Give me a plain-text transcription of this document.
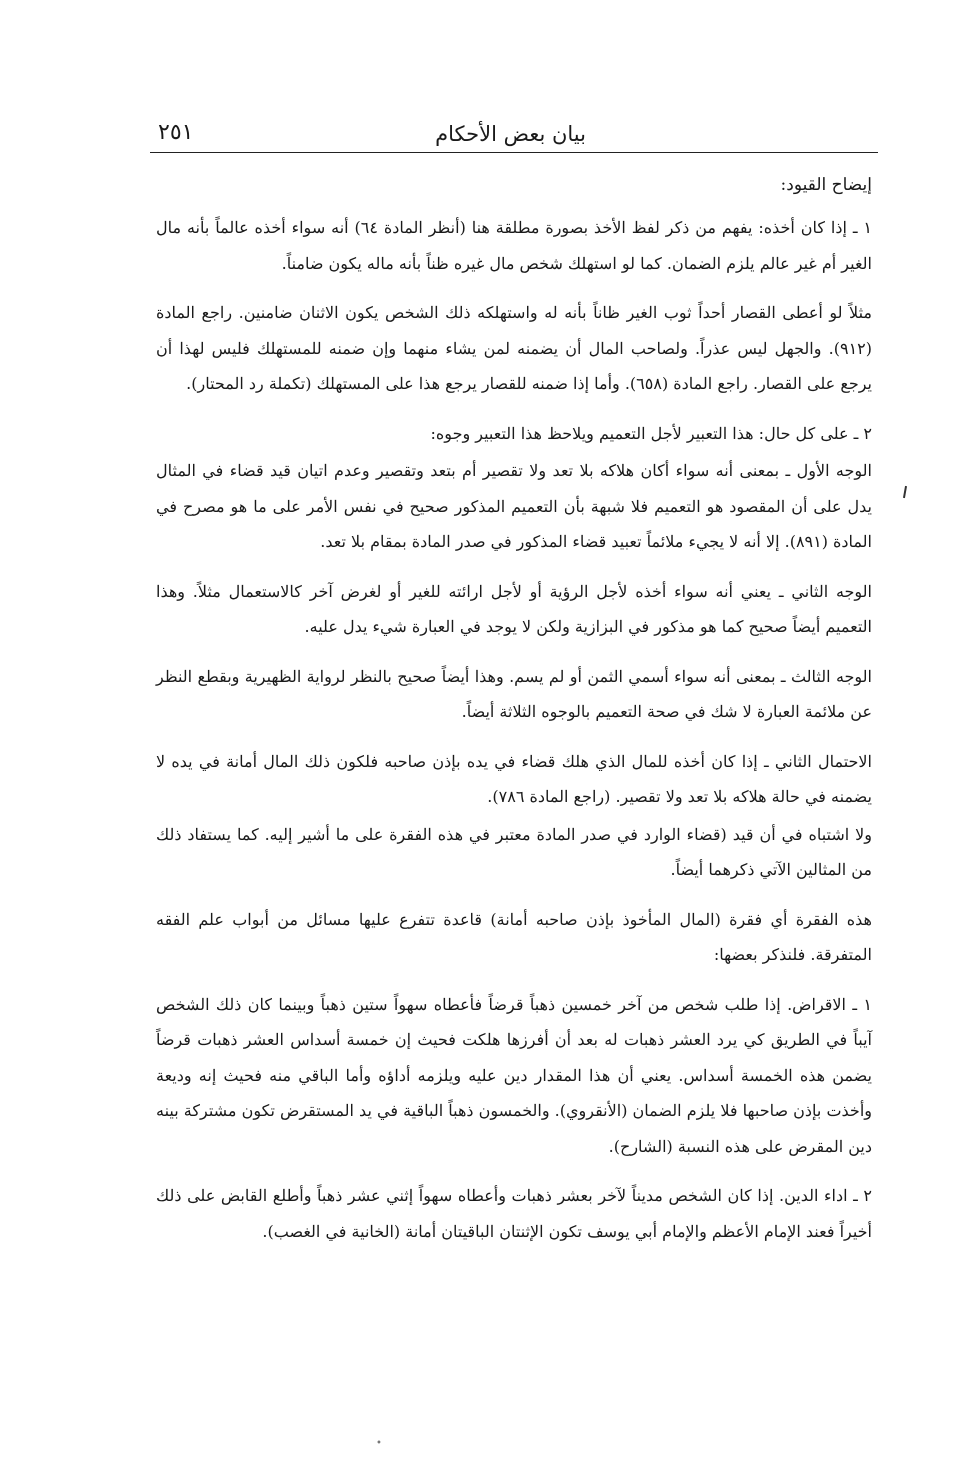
بيان بعض الأحكام
٢٥١
إيضاح القيود:

١ ـ إذا كان أخذه: يفهم من ذكر لفظ الأخذ بصورة مطلقة هنا (أنظر المادة ٦٤) أنه سواء أخذه عالماً بأنه مال الغير أم غير عالم يلزم الضمان. كما لو استهلك شخص مال غيره ظناً بأنه ماله يكون ضامناً.

مثلاً لو أعطى القصار أحداً ثوب الغير ظاناً بأنه له واستهلكه ذلك الشخص يكون الاثنان ضامنين. راجع المادة (٩١٢). والجهل ليس عذراً. ولصاحب المال أن يضمنه لمن يشاء منهما وإن ضمنه للمستهلك فليس لهذا أن يرجع على القصار. راجع المادة (٦٥٨). وأما إذا ضمنه للقصار يرجع هذا على المستهلك (تكملة رد المحتار).

٢ ـ على كل حال: هذا التعبير لأجل التعميم ويلاحظ هذا التعبير وجوه:

الوجه الأول ـ بمعنى أنه سواء أكان هلاكه بلا تعد ولا تقصير أم بتعد وتقصير وعدم اتيان قيد قضاء في المثال يدل على أن المقصود هو التعميم فلا شبهة بأن التعميم المذكور صحيح في نفس الأمر على ما هو مصرح في المادة (٨٩١). إلا أنه لا يجيء ملائماً تعبيد قضاء المذكور في صدر المادة بمقام بلا تعد.

الوجه الثاني ـ يعني أنه سواء أخذه لأجل الرؤية أو لأجل ارائته للغير أو لغرض آخر كالاستعمال مثلاً. وهذا التعميم أيضاً صحيح كما هو مذكور في البزازية ولكن لا يوجد في العبارة شيء يدل عليه.

الوجه الثالث ـ بمعنى أنه سواء أسمي الثمن أو لم يسم. وهذا أيضاً صحيح بالنظر لرواية الظهيرية وبقطع النظر عن ملائمة العبارة لا شك في صحة التعميم بالوجوه الثلاثة أيضاً.

الاحتمال الثاني ـ إذا كان أخذه للمال الذي هلك قضاء في يده بإذن صاحبه فلكون ذلك المال أمانة في يده لا يضمنه في حالة هلاكه بلا تعد ولا تقصير. (راجع المادة ٧٨٦).

ولا اشتباه في أن قيد (قضاء الوارد في صدر المادة معتبر في هذه الفقرة على ما أشير إليه. كما يستفاد ذلك من المثالين الآتي ذكرهما أيضاً.

هذه الفقرة أي فقرة (المال المأخوذ بإذن صاحبه أمانة) قاعدة تتفرع عليها مسائل من أبواب علم الفقه المتفرقة. فلنذكر بعضها:

١ ـ الاقراض. إذا طلب شخص من آخر خمسين ذهباً قرضاً فأعطاه سهواً ستين ذهباً وبينما كان ذلك الشخص آيباً في الطريق كي يرد العشر ذهبات له بعد أن أفرزها هلكت فحيث إن خمسة أسداس العشر ذهبات قرضاً يضمن هذه الخمسة أسداس. يعني أن هذا المقدار دين عليه ويلزمه أداؤه وأما الباقي منه فحيث إنه وديعة وأخذت بإذن صاحبها فلا يلزم الضمان (الأنقروي). والخمسون ذهباً الباقية في يد المستقرض تكون مشتركة بينه دين المقرض على هذه النسبة (الشارح).

٢ ـ اداء الدين. إذا كان الشخص مديناً لآخر بعشر ذهبات وأعطاه سهواً إثني عشر ذهباً وأطلع القابض على ذلك أخيراً فعند الإمام الأعظم والإمام أبي يوسف تكون الإثنتان الباقيتان أمانة (الخانية في الغصب).

•
